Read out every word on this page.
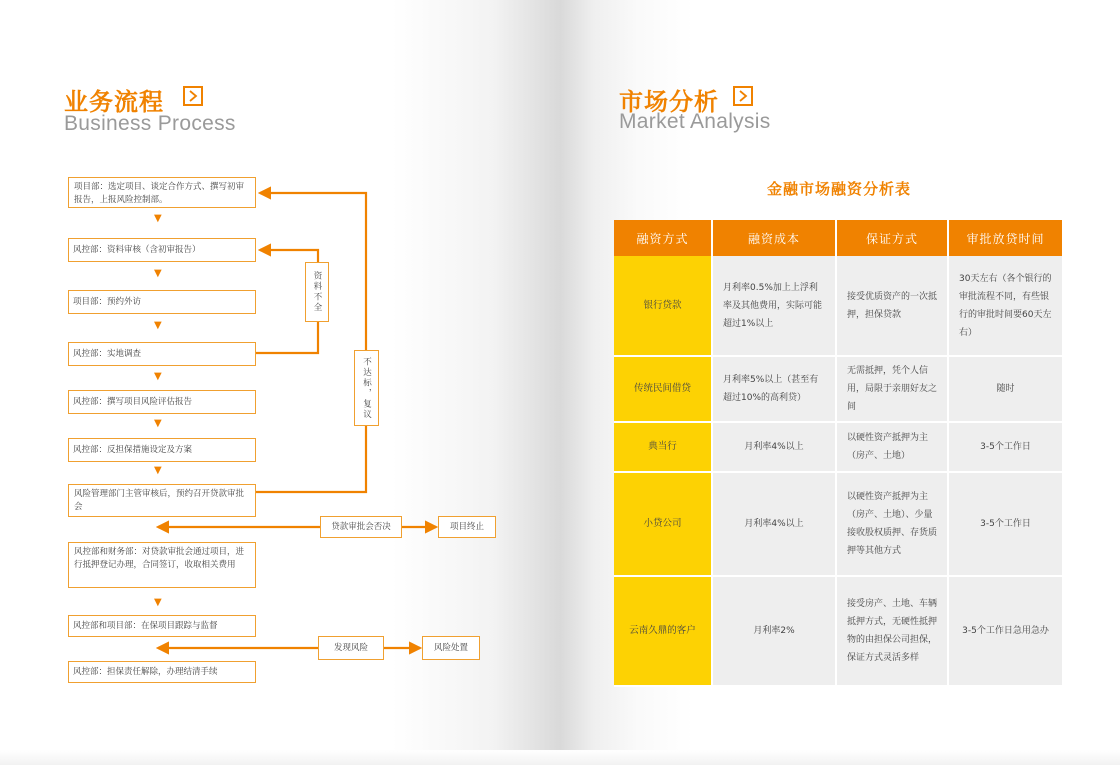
业务流程
Business Process
市场分析
Market Analysis
项目部：选定项目、谈定合作方式、撰写初审报告，上报风险控制部。
▼
风控部：资料审核（含初审报告）
▼
项目部：预约外访
▼
风控部：实地调查
▼
风控部：撰写项目风险评估报告
▼
风控部：反担保措施设定及方案
▼
风险管理部门主管审核后，预约召开贷款审批会
风控部和财务部：对贷款审批会通过项目，进行抵押登记办理，合同签订，收取相关费用
▼
风控部和项目部：在保项目跟踪与监督
风控部：担保责任解除，办理结清手续
资料不全
不达标，复议
贷款审批会否决	项目终止
发现风险	风险处置
金融市场融资分析表
融资方式	融资成本	保证方式	审批放贷时间
银行贷款	月利率0.5%加上上浮利率及其他费用，实际可能超过1%以上	接受优质资产的一次抵押，担保贷款	30天左右（各个银行的审批流程不同，有些银行的审批时间要60天左右）
传统民间借贷	月利率5%以上（甚至有超过10%的高利贷）	无需抵押，凭个人信用，局限于亲朋好友之间	随时
典当行	月利率4%以上	以硬性资产抵押为主（房产、土地）	3-5个工作日
小贷公司	月利率4%以上	以硬性资产抵押为主（房产、土地）、少量接收股权质押、存货质押等其他方式	3-5个工作日
云南久鼎的客户	月利率2%	接受房产、土地、车辆抵押方式，无硬性抵押物的由担保公司担保，保证方式灵活多样	3-5个工作日急用急办
